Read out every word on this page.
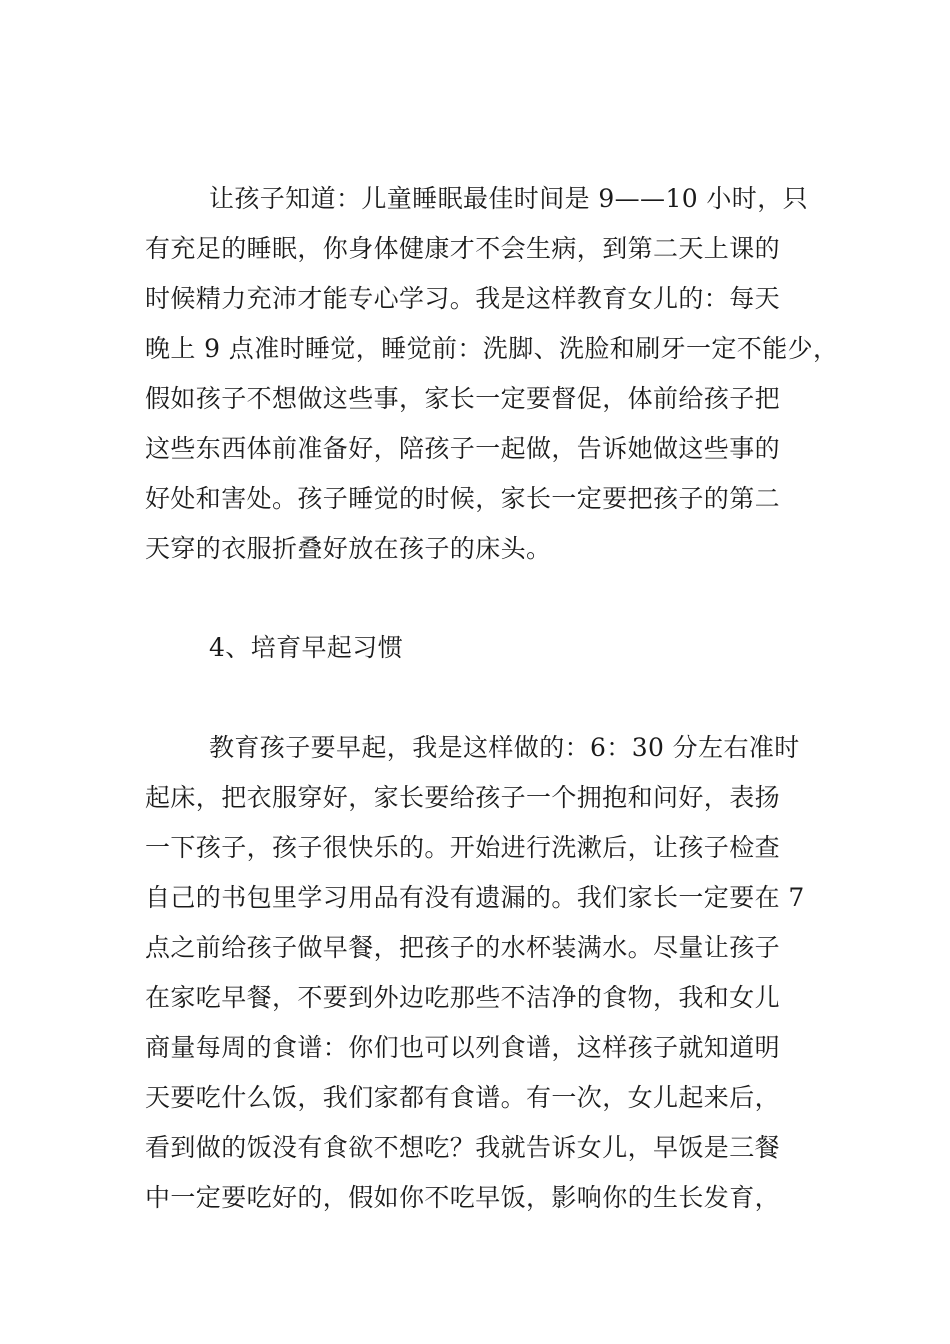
让孩子知道：儿童睡眠最佳时间是 9——10 小时，只
有充足的睡眠，你身体健康才不会生病，到第二天上课的
时候精力充沛才能专心学习。我是这样教育女儿的：每天
晚上 9 点准时睡觉，睡觉前：洗脚、洗脸和刷牙一定不能少，
假如孩子不想做这些事，家长一定要督促，体前给孩子把
这些东西体前准备好，陪孩子一起做，告诉她做这些事的
好处和害处。孩子睡觉的时候，家长一定要把孩子的第二
天穿的衣服折叠好放在孩子的床头。
4、培育早起习惯
教育孩子要早起，我是这样做的：6：30 分左右准时
起床，把衣服穿好，家长要给孩子一个拥抱和问好，表扬
一下孩子，孩子很快乐的。开始进行洗漱后，让孩子检查
自己的书包里学习用品有没有遗漏的。我们家长一定要在 7
点之前给孩子做早餐，把孩子的水杯装满水。尽量让孩子
在家吃早餐，不要到外边吃那些不洁净的食物，我和女儿
商量每周的食谱：你们也可以列食谱，这样孩子就知道明
天要吃什么饭，我们家都有食谱。有一次，女儿起来后，
看到做的饭没有食欲不想吃？我就告诉女儿，早饭是三餐
中一定要吃好的，假如你不吃早饭，影响你的生长发育，
